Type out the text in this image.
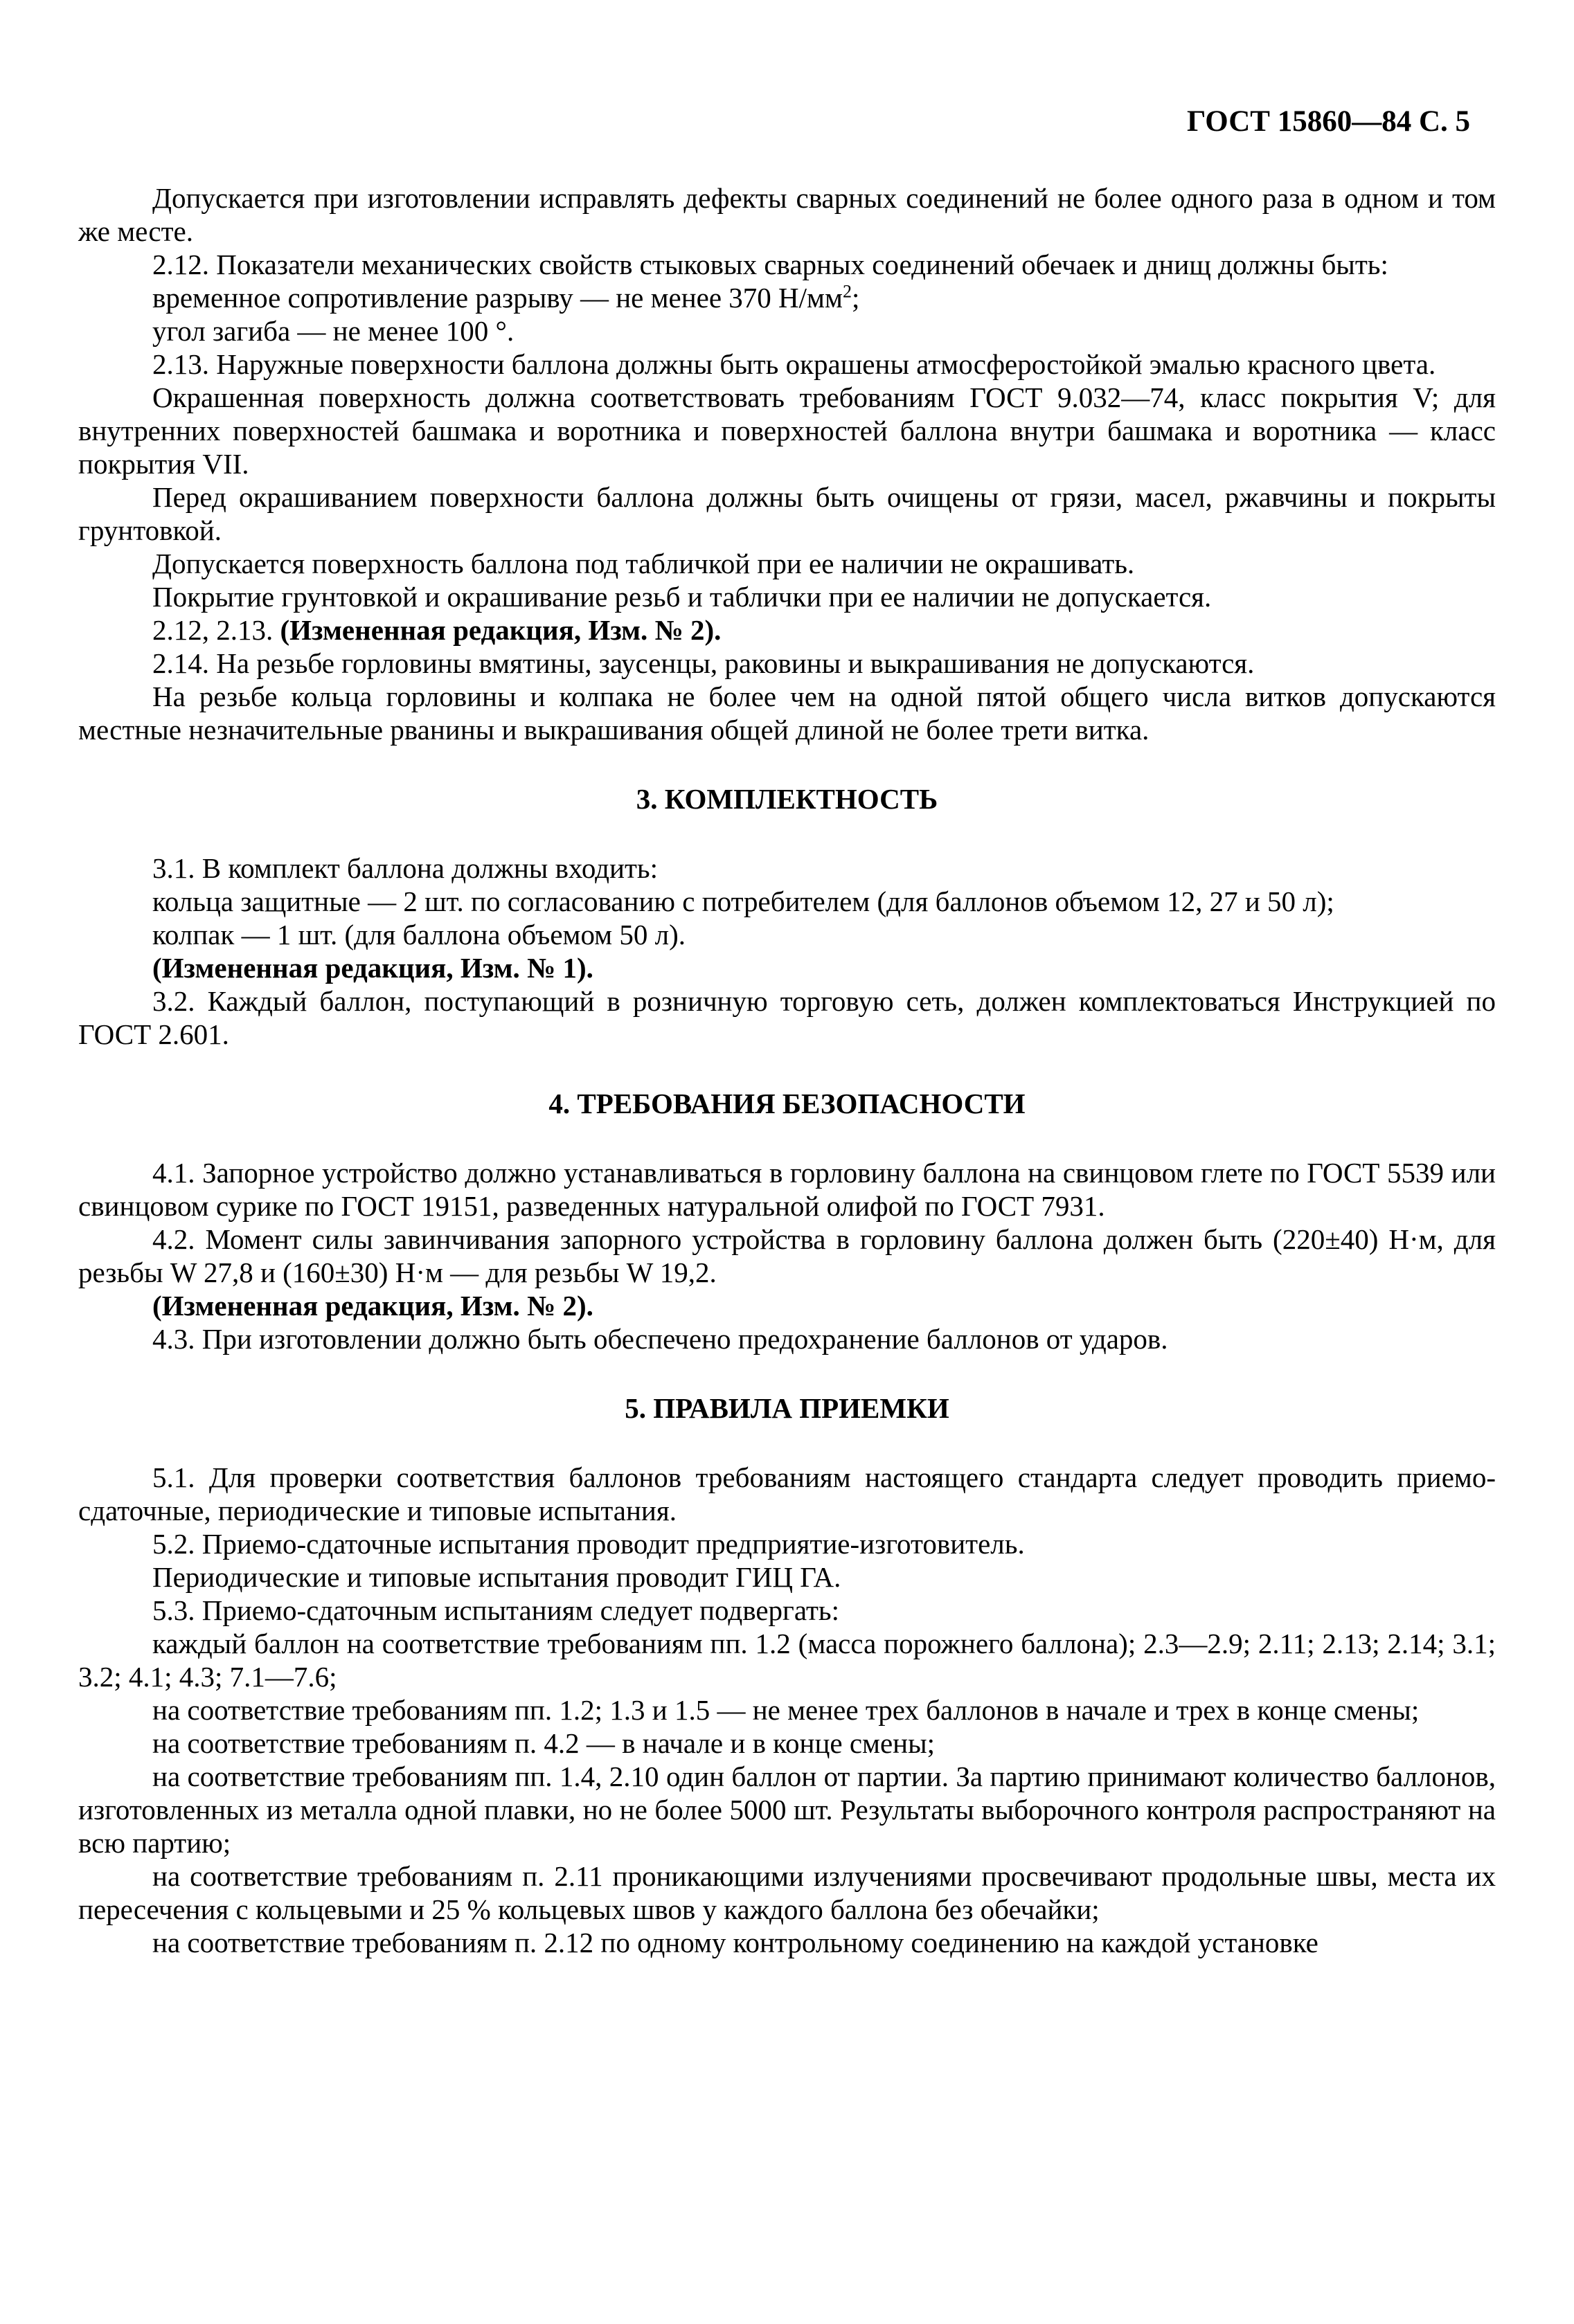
ГОСТ 15860—84 С. 5

Допускается при изготовлении исправлять дефекты сварных соединений не более одного раза в одном и том же месте.

2.12. Показатели механических свойств стыковых сварных соединений обечаек и днищ должны быть:

временное сопротивление разрыву — не менее 370 $Н/мм^2$;

угол загиба — не менее 100 °.

2.13. Наружные поверхности баллона должны быть окрашены атмосферостойкой эмалью красного цвета.

Окрашенная поверхность должна соответствовать требованиям ГОСТ 9.032—74, класс покрытия V; для внутренних поверхностей башмака и воротника и поверхностей баллона внутри башмака и воротника — класс покрытия VII.

Перед окрашиванием поверхности баллона должны быть очищены от грязи, масел, ржавчины и покрыты грунтовкой.

Допускается поверхность баллона под табличкой при ее наличии не окрашивать.

Покрытие грунтовкой и окрашивание резьб и таблички при ее наличии не допускается.

2.12, 2.13. (Измененная редакция, Изм. № 2).

2.14. На резьбе горловины вмятины, заусенцы, раковины и выкрашивания не допускаются.

На резьбе кольца горловины и колпака не более чем на одной пятой общего числа витков допускаются местные незначительные рванины и выкрашивания общей длиной не более трети витка.

3. КОМПЛЕКТНОСТЬ

3.1. В комплект баллона должны входить:

кольца защитные — 2 шт. по согласованию с потребителем (для баллонов объемом 12, 27 и 50 л);

колпак — 1 шт. (для баллона объемом 50 л).

(Измененная редакция, Изм. № 1).

3.2. Каждый баллон, поступающий в розничную торговую сеть, должен комплектоваться Инструкцией по ГОСТ 2.601.

4. ТРЕБОВАНИЯ БЕЗОПАСНОСТИ

4.1. Запорное устройство должно устанавливаться в горловину баллона на свинцовом глете по ГОСТ 5539 или свинцовом сурике по ГОСТ 19151, разведенных натуральной олифой по ГОСТ 7931.

4.2. Момент силы завинчивания запорного устройства в горловину баллона должен быть (220±40) Н·м, для резьбы W 27,8 и (160±30) Н·м — для резьбы W 19,2.

(Измененная редакция, Изм. № 2).

4.3. При изготовлении должно быть обеспечено предохранение баллонов от ударов.

5. ПРАВИЛА ПРИЕМКИ

5.1. Для проверки соответствия баллонов требованиям настоящего стандарта следует проводить приемо-сдаточные, периодические и типовые испытания.

5.2. Приемо-сдаточные испытания проводит предприятие-изготовитель.

Периодические и типовые испытания проводит ГИЦ ГА.

5.3. Приемо-сдаточным испытаниям следует подвергать:

каждый баллон на соответствие требованиям пп. 1.2 (масса порожнего баллона); 2.3—2.9; 2.11; 2.13; 2.14; 3.1; 3.2; 4.1; 4.3; 7.1—7.6;

на соответствие требованиям пп. 1.2; 1.3 и 1.5 — не менее трех баллонов в начале и трех в конце смены;

на соответствие требованиям п. 4.2 — в начале и в конце смены;

на соответствие требованиям пп. 1.4, 2.10 один баллон от партии. За партию принимают количество баллонов, изготовленных из металла одной плавки, но не более 5000 шт. Результаты выборочного контроля распространяют на всю партию;

на соответствие требованиям п. 2.11 проникающими излучениями просвечивают продольные швы, места их пересечения с кольцевыми и 25 % кольцевых швов у каждого баллона без обечайки;

на соответствие требованиям п. 2.12 по одному контрольному соединению на каждой установке
